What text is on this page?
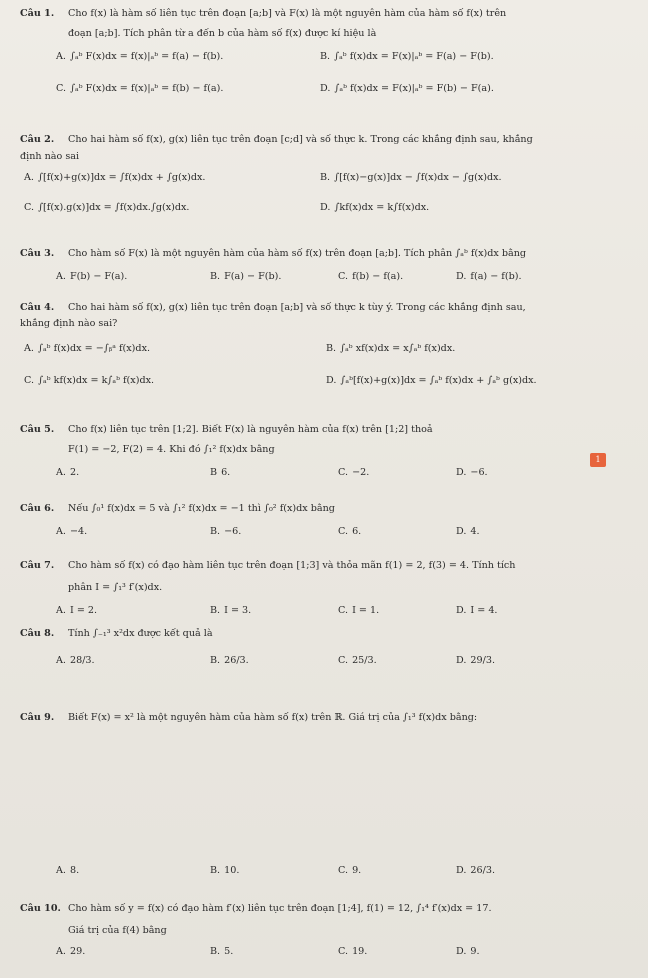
Câu 1.	Cho f(x) là hàm số liên tục trên đoạn [a;b] và F(x) là một nguyên hàm của hàm số f(x) trên
đoạn [a;b]. Tích phân từ a đến b của hàm số f(x) được kí hiệu là
A. ∫ₐᵇ F(x)dx = f(x)|ₐᵇ = f(a) − f(b).	B. ∫ₐᵇ f(x)dx = F(x)|ₐᵇ = F(a) − F(b).
C. ∫ₐᵇ F(x)dx = f(x)|ₐᵇ = f(b) − f(a).	D. ∫ₐᵇ f(x)dx = F(x)|ₐᵇ = F(b) − F(a).
Câu 2.	Cho hai hàm số f(x), g(x) liên tục trên đoạn [c;d] và số thực k. Trong các khẳng định sau, khẳng
định nào sai
A. ∫[f(x)+g(x)]dx = ∫f(x)dx + ∫g(x)dx.	B. ∫[f(x)−g(x)]dx − ∫f(x)dx − ∫g(x)dx.
C. ∫[f(x).g(x)]dx = ∫f(x)dx.∫g(x)dx.	D. ∫kf(x)dx = k∫f(x)dx.
Câu 3.	Cho hàm số F(x) là một nguyên hàm của hàm số f(x) trên đoạn [a;b]. Tích phân ∫ₐᵇ f(x)dx bằng
A. F(b) − F(a).	B. F(a) − F(b).	C. f(b) − f(a).	D. f(a) − f(b).
Câu 4.	Cho hai hàm số f(x), g(x) liên tục trên đoạn [a;b] và số thực k tùy ý. Trong các khẳng định sau,
khẳng định nào sai?
A. ∫ₐᵇ f(x)dx = −∫ᵦᵃ f(x)dx.	B. ∫ₐᵇ xf(x)dx = x∫ₐᵇ f(x)dx.
C. ∫ₐᵇ kf(x)dx = k∫ₐᵇ f(x)dx.	D. ∫ₐᵇ[f(x)+g(x)]dx = ∫ₐᵇ f(x)dx + ∫ₐᵇ g(x)dx.
Câu 5.	Cho f(x) liên tục trên [1;2]. Biết F(x) là nguyên hàm của f(x) trên [1;2] thoả
F(1) = −2, F(2) = 4. Khi đó ∫₁² f(x)dx bằng
A. 2.	B 6.	C. −2.	D. −6.
Câu 6.	Nếu ∫₀¹ f(x)dx = 5 và ∫₁² f(x)dx = −1 thì ∫₀² f(x)dx bằng
A. −4.	B. −6.	C. 6.	D. 4.
Câu 7.	Cho hàm số f(x) có đạo hàm liên tục trên đoạn [1;3] và thỏa mãn f(1) = 2, f(3) = 4. Tính tích
phân I = ∫₁³ f′(x)dx.
A. I = 2.	B. I = 3.	C. I = 1.	D. I = 4.
Câu 8.	Tính ∫₋₁³ x²dx được kết quả là
A. 28/3.	B. 26/3.	C. 25/3.	D. 29/3.
Câu 9.	Biết F(x) = x² là một nguyên hàm của hàm số f(x) trên ℝ. Giá trị của ∫₁³ f(x)dx bằng:
1
A. 8.	B. 10.	C. 9.	D. 26/3.
Câu 10. Cho hàm số y = f(x) có đạo hàm f′(x) liên tục trên đoạn [1;4], f(1) = 12, ∫₁⁴ f′(x)dx = 17.
Giá trị của f(4) bằng
A. 29.	B. 5.	C. 19.	D. 9.
